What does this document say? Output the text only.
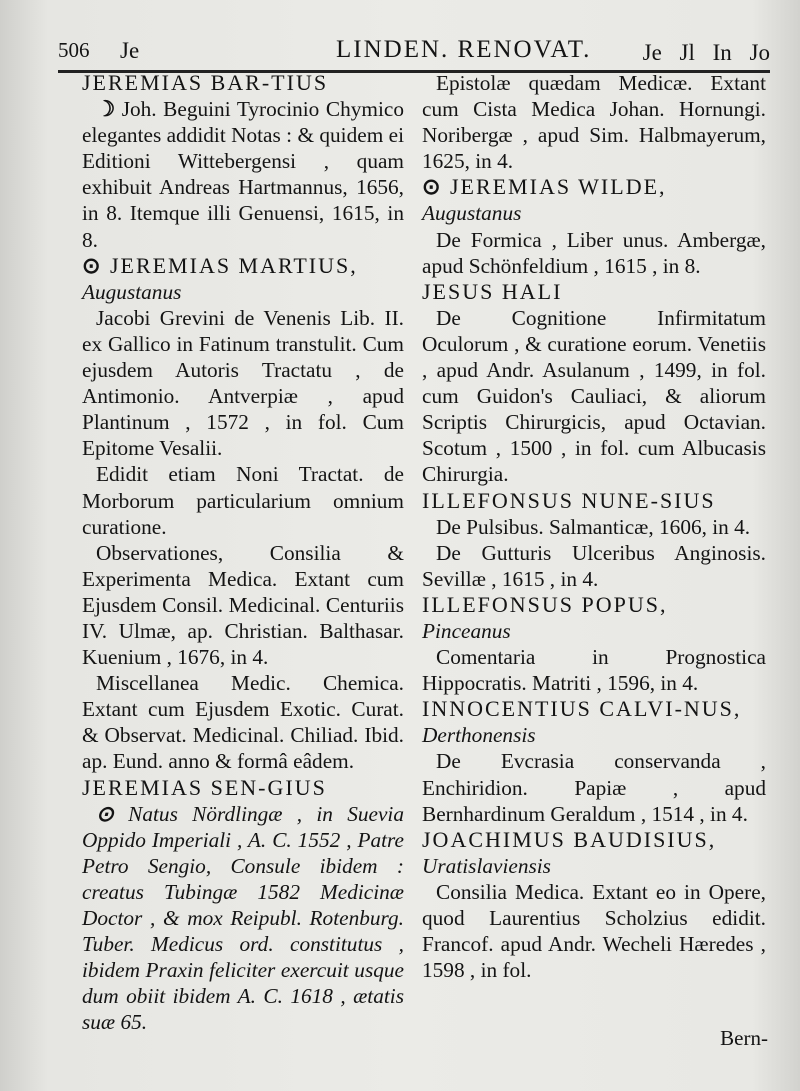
506 Je	LINDEN. RENOVAT. Je Jl In Jo

JEREMIAS BAR-TIUS

☽ Joh. Beguini Tyrocinio Chymico elegantes addidit Notas : & quidem ei Editioni Wittebergensi , quam exhibuit Andreas Hartmannus, 1656, in 8. Itemque illi Genuensi, 1615, in 8.

⊙ JEREMIAS MARTIUS,

Augustanus

Jacobi Grevini de Venenis Lib. II. ex Gallico in Fatinum transtulit. Cum ejusdem Autoris Tractatu , de Antimonio. Antverpiæ , apud Plantinum , 1572 , in fol. Cum Epitome Vesalii.

Edidit etiam Noni Tractat. de Morborum particularium omnium curatione.

Observationes, Consilia & Experimenta Medica. Extant cum Ejusdem Consil. Medicinal. Centuriis IV. Ulmæ, ap. Christian. Balthasar. Kuenium , 1676, in 4.

Miscellanea Medic. Chemica. Extant cum Ejusdem Exotic. Curat. & Observat. Medicinal. Chiliad. Ibid. ap. Eund. anno & formâ eâdem.

JEREMIAS SEN-GIUS

⊙ Natus Nördlingæ , in Suevia Oppido Imperiali , A. C. 1552 , Patre Petro Sengio, Consule ibidem : creatus Tubingæ 1582 Medicinæ Doctor , & mox Reipubl. Rotenburg. Tuber. Medicus ord. constitutus , ibidem Praxin feliciter exercuit usque dum obiit ibidem A. C. 1618 , ætatis suæ 65.

Epistolæ quædam Medicæ. Extant cum Cista Medica Johan. Hornungi. Noribergæ , apud Sim. Halbmayerum, 1625, in 4.

⊙ JEREMIAS WILDE,

Augustanus

De Formica , Liber unus. Ambergæ, apud Schönfeldium , 1615 , in 8.

JESUS HALI

De Cognitione Infirmitatum Oculorum , & curatione eorum. Venetiis , apud Andr. Asulanum , 1499, in fol. cum Guidon's Cauliaci, & aliorum Scriptis Chirurgicis, apud Octavian. Scotum , 1500 , in fol. cum Albucasis Chirurgia.

ILLEFONSUS NUNE-SIUS

De Pulsibus. Salmanticæ, 1606, in 4.

De Gutturis Ulceribus Anginosis. Sevillæ , 1615 , in 4.

ILLEFONSUS POPUS,

Pinceanus

Comentaria in Prognostica Hippocratis. Matriti , 1596, in 4.

INNOCENTIUS CALVI-NUS,

Derthonensis

De Evcrasia conservanda , Enchiridion. Papiæ , apud Bernhardinum Geraldum , 1514 , in 4.

JOACHIMUS BAUDISIUS,

Uratislaviensis

Consilia Medica. Extant eo in Opere, quod Laurentius Scholzius edidit. Francof. apud Andr. Wecheli Hæredes , 1598 , in fol.

Bern-
